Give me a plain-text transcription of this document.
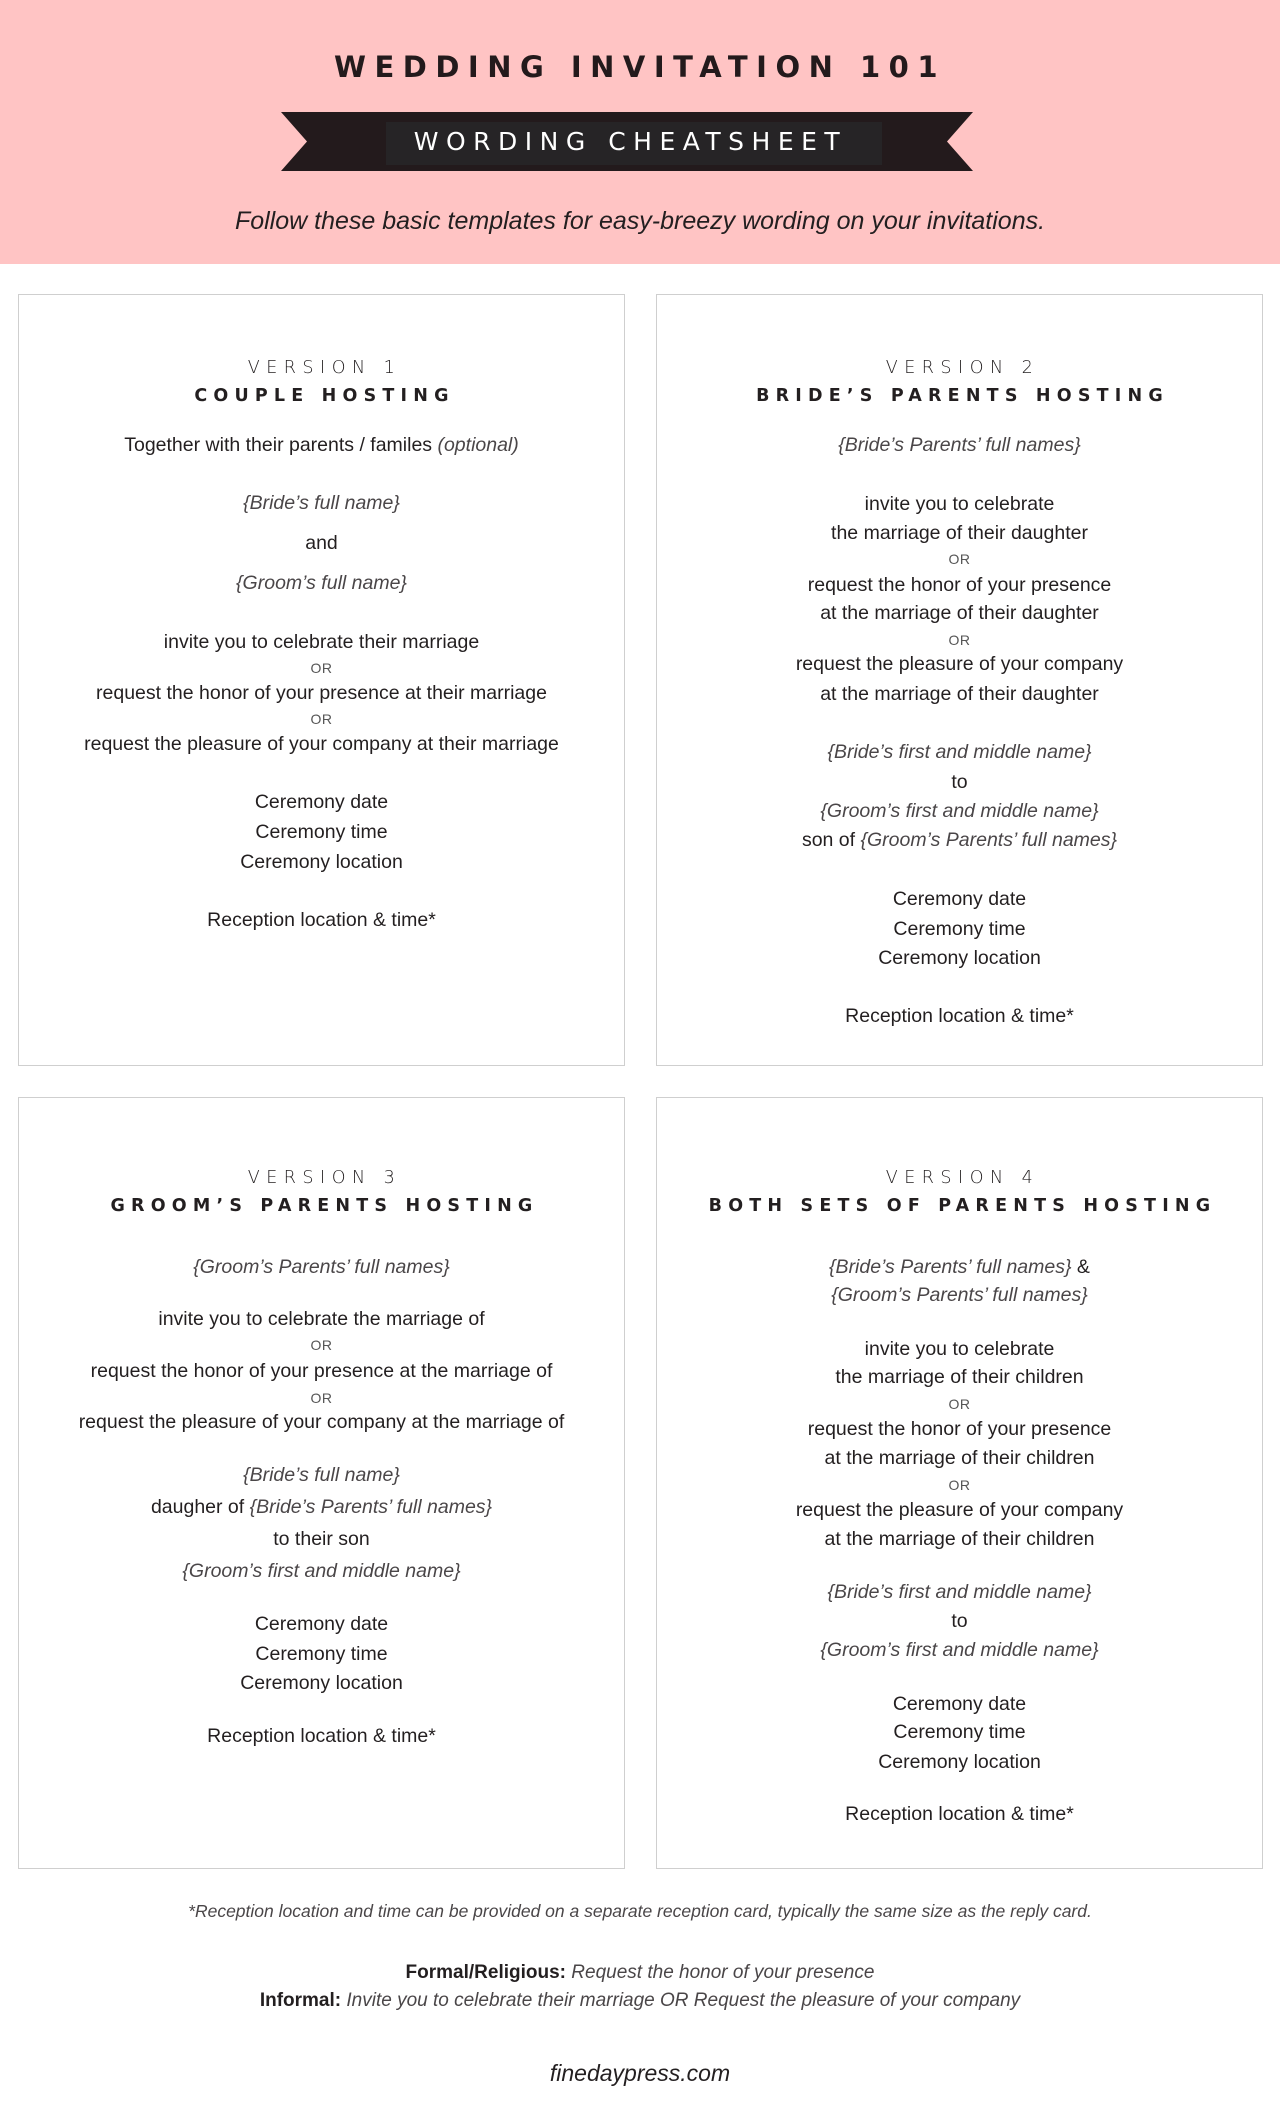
WEDDING INVITATION 101
WORDING CHEATSHEET

Follow these basic templates for easy-breezy wording on your invitations.

VERSION 1
COUPLE HOSTING
Together with their parents / familes (optional)
{Bride’s full name}
and
{Groom’s full name}
invite you to celebrate their marriage
OR
request the honor of your presence at their marriage
OR
request the pleasure of your company at their marriage
Ceremony date
Ceremony time
Ceremony location
Reception location & time*
VERSION 2
BRIDE’S PARENTS HOSTING
{Bride’s Parents’ full names}
invite you to celebrate
the marriage of their daughter
OR
request the honor of your presence
at the marriage of their daughter
OR
request the pleasure of your company
at the marriage of their daughter
{Bride’s first and middle name}
to
{Groom’s first and middle name}
son of {Groom’s Parents’ full names}
Ceremony date
Ceremony time
Ceremony location
Reception location & time*
VERSION 3
GROOM’S PARENTS HOSTING
{Groom’s Parents’ full names}
invite you to celebrate the marriage of
OR
request the honor of your presence at the marriage of
OR
request the pleasure of your company at the marriage of
{Bride’s full name}
daugher of {Bride’s Parents’ full names}
to their son
{Groom’s first and middle name}
Ceremony date
Ceremony time
Ceremony location
Reception location & time*
VERSION 4
BOTH SETS OF PARENTS HOSTING
{Bride’s Parents’ full names} &
{Groom’s Parents’ full names}
invite you to celebrate
the marriage of their children
OR
request the honor of your presence
at the marriage of their children
OR
request the pleasure of your company
at the marriage of their children
{Bride’s first and middle name}
to
{Groom’s first and middle name}
Ceremony date
Ceremony time
Ceremony location
Reception location & time*

*Reception location and time can be provided on a separate reception card, typically the same size as the reply card.

Formal/Religious: Request the honor of your presence

Informal: Invite you to celebrate their marriage OR Request the pleasure of your company

finedaypress.com
